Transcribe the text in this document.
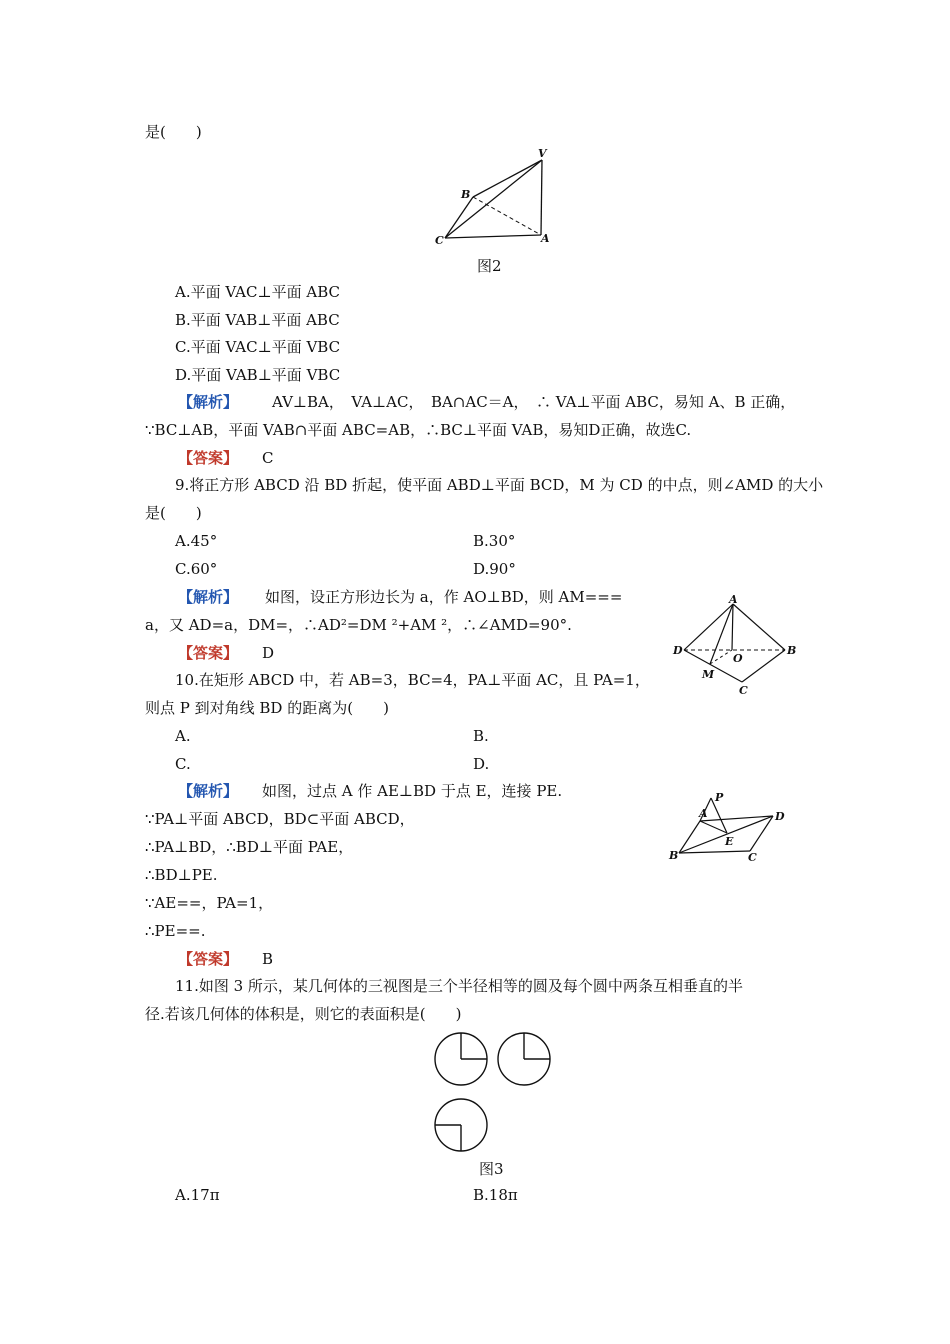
是(　　)
V
B
C	A
图2
A.平面 VAC⊥平面 ABC
B.平面 VAB⊥平面 ABC
C.平面 VAC⊥平面 VBC
D.平面 VAB⊥平面 VBC
【解析】 AV⊥BA，　VA⊥AC，　BA∩AC＝A，　∴ VA⊥平面 ABC，易知 A、B 正确，
∵BC⊥AB，平面 VAB∩平面 ABC=AB，∴BC⊥平面 VAB，易知D正确，故选C.
【答案】 C
9.将正方形 ABCD 沿 BD 折起，使平面 ABD⊥平面 BCD，M 为 CD 的中点，则∠AMD 的大小
是(　　)
A.45°	B.30°
C.60°	D.90°
【解析】 如图，设正方形边长为 a，作 AO⊥BD，则 AM===
a，又 AD=a，DM=，∴AD²=DM ²+AM ²，∴∠AMD=90°.
【答案】 D
A
D
O
B
M
C
10.在矩形 ABCD 中，若 AB=3，BC=4，PA⊥平面 AC，且 PA=1，
则点 P 到对角线 BD 的距离为(　　)
A.	B.
C.	D.
【解析】 如图，过点 A 作 AE⊥BD 于点 E，连接 PE.
∵PA⊥平面 ABCD，BD⊂平面 ABCD，
∴PA⊥BD，∴BD⊥平面 PAE，
∴BD⊥PE.
∵AE==，PA=1，
∴PE==.
【答案】 B
P
A	D
E
B	C
11.如图 3 所示，某几何体的三视图是三个半径相等的圆及每个圆中两条互相垂直的半
径.若该几何体的体积是，则它的表面积是(　　)
图3
A.17π	B.18π
